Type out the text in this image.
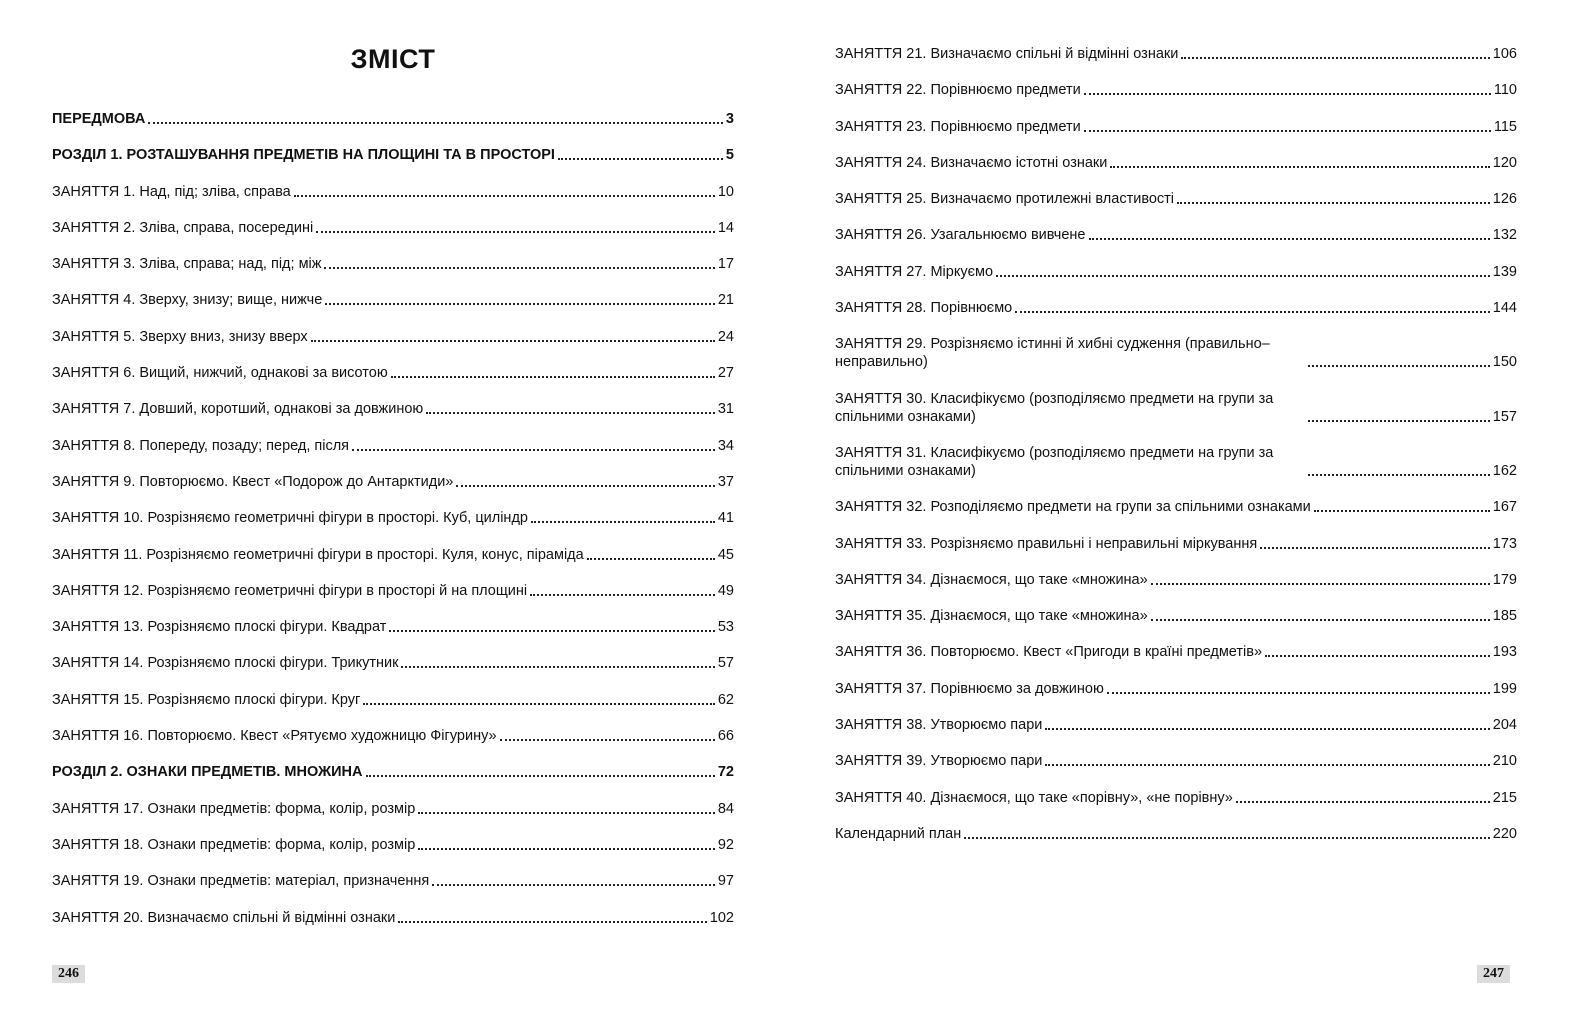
ЗМІСТ
ПЕРЕДМОВА	3
РОЗДІЛ 1. РОЗТАШУВАННЯ ПРЕДМЕТІВ НА ПЛОЩИНІ ТА В ПРОСТОРІ	5
ЗАНЯТТЯ 1. Над, під; зліва, справа	10
ЗАНЯТТЯ 2. Зліва, справа, посередині	14
ЗАНЯТТЯ 3. Зліва, справа; над, під; між	17
ЗАНЯТТЯ 4. Зверху, знизу; вище, нижче	21
ЗАНЯТТЯ 5. Зверху вниз, знизу вверх	24
ЗАНЯТТЯ 6. Вищий, нижчий, однакові за висотою	27
ЗАНЯТТЯ 7. Довший, коротший, однакові за довжиною	31
ЗАНЯТТЯ 8. Попереду, позаду; перед, після	34
ЗАНЯТТЯ 9. Повторюємо. Квест «Подорож до Антарктиди»	37
ЗАНЯТТЯ 10. Розрізняємо геометричні фігури в просторі. Куб, циліндр	41
ЗАНЯТТЯ 11. Розрізняємо геометричні фігури в просторі. Куля, конус, піраміда	45
ЗАНЯТТЯ 12. Розрізняємо геометричні фігури в просторі й на площині	49
ЗАНЯТТЯ 13. Розрізняємо плоскі фігури. Квадрат	53
ЗАНЯТТЯ 14. Розрізняємо плоскі фігури. Трикутник	57
ЗАНЯТТЯ 15. Розрізняємо плоскі фігури. Круг	62
ЗАНЯТТЯ 16. Повторюємо. Квест «Рятуємо художницю Фігурину»	66
РОЗДІЛ 2. ОЗНАКИ ПРЕДМЕТІВ. МНОЖИНА	72
ЗАНЯТТЯ 17. Ознаки предметів: форма, колір, розмір	84
ЗАНЯТТЯ 18. Ознаки предметів: форма, колір, розмір	92
ЗАНЯТТЯ 19. Ознаки предметів: матеріал, призначення	97
ЗАНЯТТЯ 20. Визначаємо спільні й відмінні ознаки	102
246
ЗАНЯТТЯ 21. Визначаємо спільні й відмінні ознаки	106
ЗАНЯТТЯ 22. Порівнюємо предмети	110
ЗАНЯТТЯ 23. Порівнюємо предмети	115
ЗАНЯТТЯ 24. Визначаємо істотні ознаки	120
ЗАНЯТТЯ 25. Визначаємо протилежні властивості	126
ЗАНЯТТЯ 26. Узагальнюємо вивчене	132
ЗАНЯТТЯ 27. Міркуємо	139
ЗАНЯТТЯ 28. Порівнюємо	144
ЗАНЯТТЯ 29. Розрізняємо істинні й хибні судження (правильно–неправильно)	150
ЗАНЯТТЯ 30. Класифікуємо (розподіляємо предмети на групи за спільними ознаками)	157
ЗАНЯТТЯ 31. Класифікуємо (розподіляємо предмети на групи за спільними ознаками)	162
ЗАНЯТТЯ 32. Розподіляємо предмети на групи за спільними ознаками	167
ЗАНЯТТЯ 33. Розрізняємо правильні і неправильні міркування	173
ЗАНЯТТЯ 34. Дізнаємося, що таке «множина»	179
ЗАНЯТТЯ 35. Дізнаємося, що таке «множина»	185
ЗАНЯТТЯ 36. Повторюємо. Квест «Пригоди в країні предметів»	193
ЗАНЯТТЯ 37. Порівнюємо за довжиною	199
ЗАНЯТТЯ 38. Утворюємо пари	204
ЗАНЯТТЯ 39. Утворюємо пари	210
ЗАНЯТТЯ 40. Дізнаємося, що таке «порівну», «не порівну»	215
Календарний план	220
247
